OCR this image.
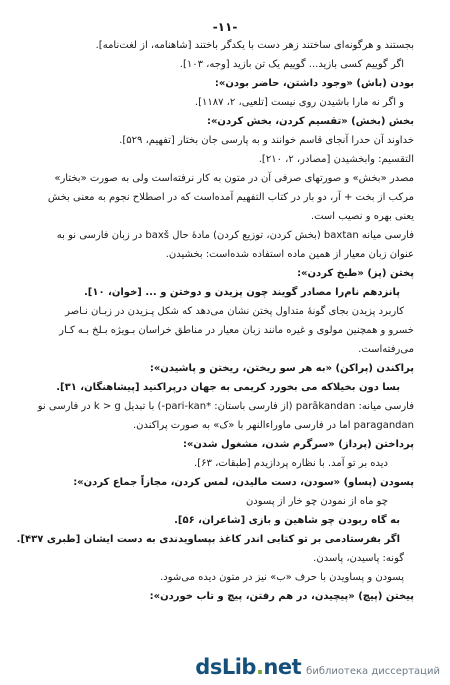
-۱۱-
بجستند و هرگونه‌ای ساختند زهر دست با یکدگر باختند [شاهنامه، از لغت‌نامه].
اگر گوییم کسی بازید... گوییم یک تن بازید [وجه، ۱۰۳].
بودن (باش) «وجود داشتن، حاضر بودن»:
و اگر نه مارا باشیدن روی نیست [تلعیی، ۲، ۱۱۸۷].
بخش (بخش) «تقسیم کردن، بخش کردن»:
خداوند آن حدرا آنجای قاسم خوانند و به پارسی جان بختار [تفهیم، ۵۲۹].
التقسیم: وابخشیدن [مصادر، ۲، ۲۱۰].
مصدر «بخش» و صورتهای صرفی آن در متون به کار نرفته‌است ولی به صورت «بختار»
مرکب از بخت + آر، دو بار در کتاب التفهیم آمده‌است که در اصطلاح نجوم به معنی بخش
یعنی بهره و نصیب است.
فارسی میانه baxtan (بخش کردن، توزیع کردن) مادهٔ حال baxš در زبان فارسی نو به
عنوان زبان معیار از همین ماده استفاده شده‌است: بخشیدن.
پختن (پز) «طبخ کردن»:
پانزدهم نام‌را مصادر گویند چون پزیدن و دوختن و ... [خوان، ۱۰].
کاربرد پزیدن بجای گونهٔ متداول پختن نشان می‌دهد که شکل پـزیدن در زبـان نـاصر
خسرو و همچنین مولوی و غیره مانند زبان معیار در مناطق خراسان بـویژه بـلخ بـه کـار
می‌رفته‌است.
پراکندن (پراکن) «به هر سو ریختن، ریختن و پاشیدن»:
بسا دون بخیلاکه می بخورد کریمی به جهان درپراکنید [پیشاهنگان، ۳۱].
فارسی میانه: parākandan (از فارسی باستان: *pari-kan-) با تبدیل k > g در فارسی نو
paragandan اما در فارسی ماوراءالنهر با «ک» به صورت پراکندن.
پرداختن (پرداز) «سرگرم شدن، مشغول شدن»:
دیده بر تو آمد. با نظاره پردازیدم [طبقات، ۶۳].
پسودن (پساو) «سودن، دست مالیدن، لمس کردن، مجازاً جماع کردن»:
چو ماه از نمودن چو خار از پسودن
به گاه ربودن چو شاهین و بازی [شاعران، ۵۶].
اگر بفرستادمی بر تو کتابی اندر کاغذ بپساویدندی به دست ایشان [طبری ۴۳۷].
گونه: پاسیدن، پاسدن.
پسودن و پساویدن با حرف «ب» نیز در متون دیده می‌شود.
پیختن (پیچ) «پیچیدن، در هم رفتن، پیچ و تاب خوردن»:
dsLib.net библиотека диссертаций
